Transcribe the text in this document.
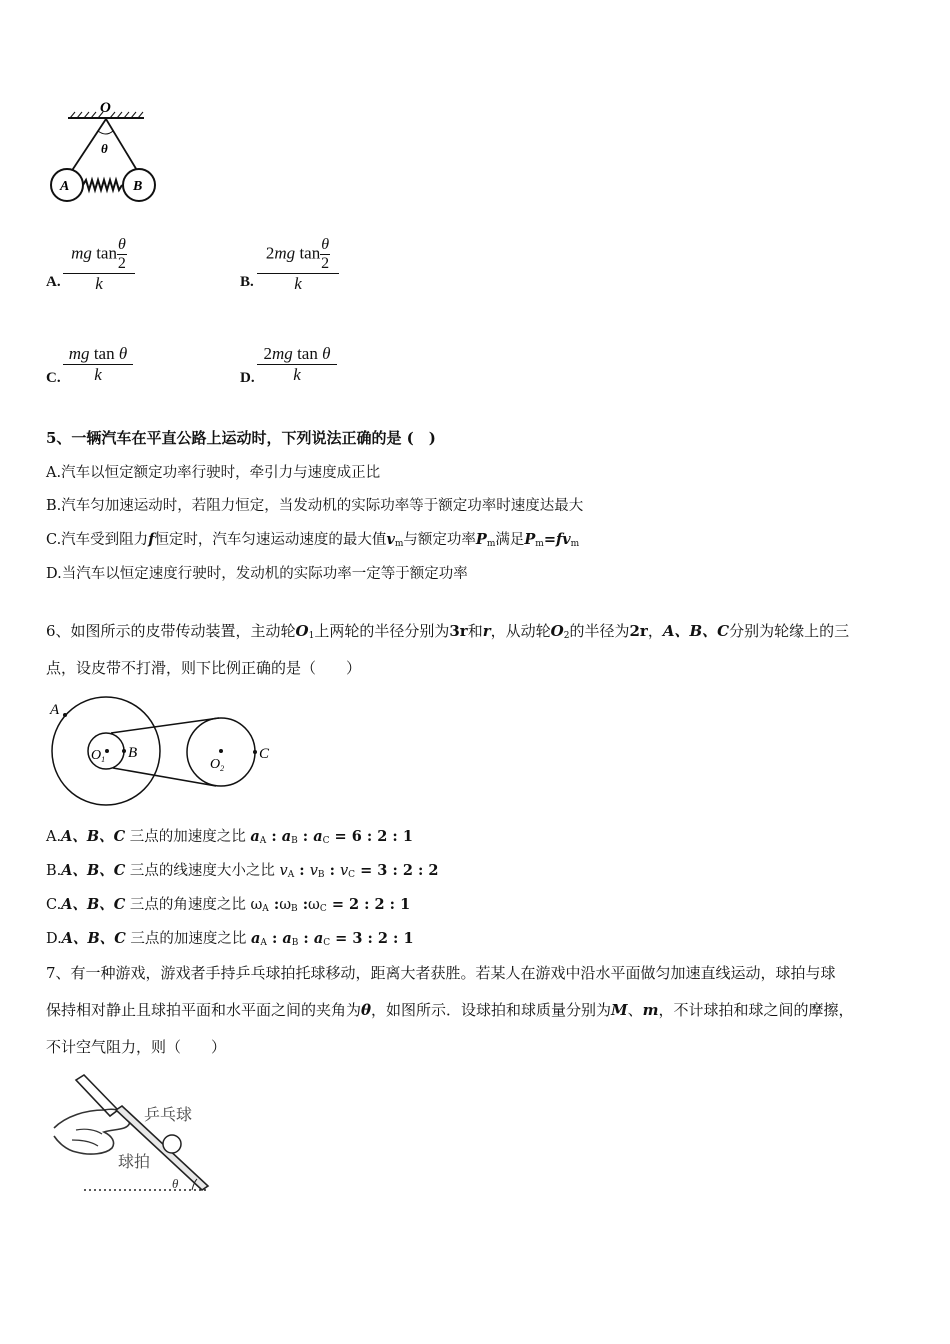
O
θ
A	B
A.
mg $\tan \frac{\theta}{2}$
k	B.
2mg $\tan \frac{\theta}{2}$
k
C.
mg tan θ
k	D.
2mg tan θ
k
5、一辆汽车在平直公路上运动时，下列说法正确的是 (　)
A.汽车以恒定额定功率行驶时，牵引力与速度成正比
B.汽车匀加速运动时，若阻力恒定，当发动机的实际功率等于额定功率时速度达最大
C.汽车受到阻力f恒定时，汽车匀速运动速度的最大值$v_m$与额定功率$P_m$满足$P_m=fv_m$
D.当汽车以恒定速度行驶时，发动机的实际功率一定等于额定功率
6、如图所示的皮带传动装置，主动轮$O_1$上两轮的半径分别为3r和r，从动轮$O_2$的半径为2r，A、B、C分别为轮缘上的三
点，设皮带不打滑，则下比例正确的是（　　）
A
$O_1$ B
$O_2$
C
A.A、B、C 三点的加速度之比 $a_A$ : $a_B$ : $a_C = 6$ : 2 : 1
B.A、B、C 三点的线速度大小之比 $v_A$ : $v_B$ : $v_C = 3$ : 2 : 2
C.A、B、C 三点的角速度之比 $\omega_A$ $:\omega_B$ $:\omega_C = 2$ : 2 : 1
D.A、B、C 三点的加速度之比 $a_A$ : $a_B$ : $a_C = 3$ : 2 : 1
7、有一种游戏，游戏者手持乒乓球拍托球移动，距离大者获胜。若某人在游戏中沿水平面做匀加速直线运动，球拍与球
保持相对静止且球拍平面和水平面之间的夹角为θ，如图所示．设球拍和球质量分别为M、m，不计球拍和球之间的摩擦，
不计空气阻力，则（　　）
乒乓球
球拍
θ
